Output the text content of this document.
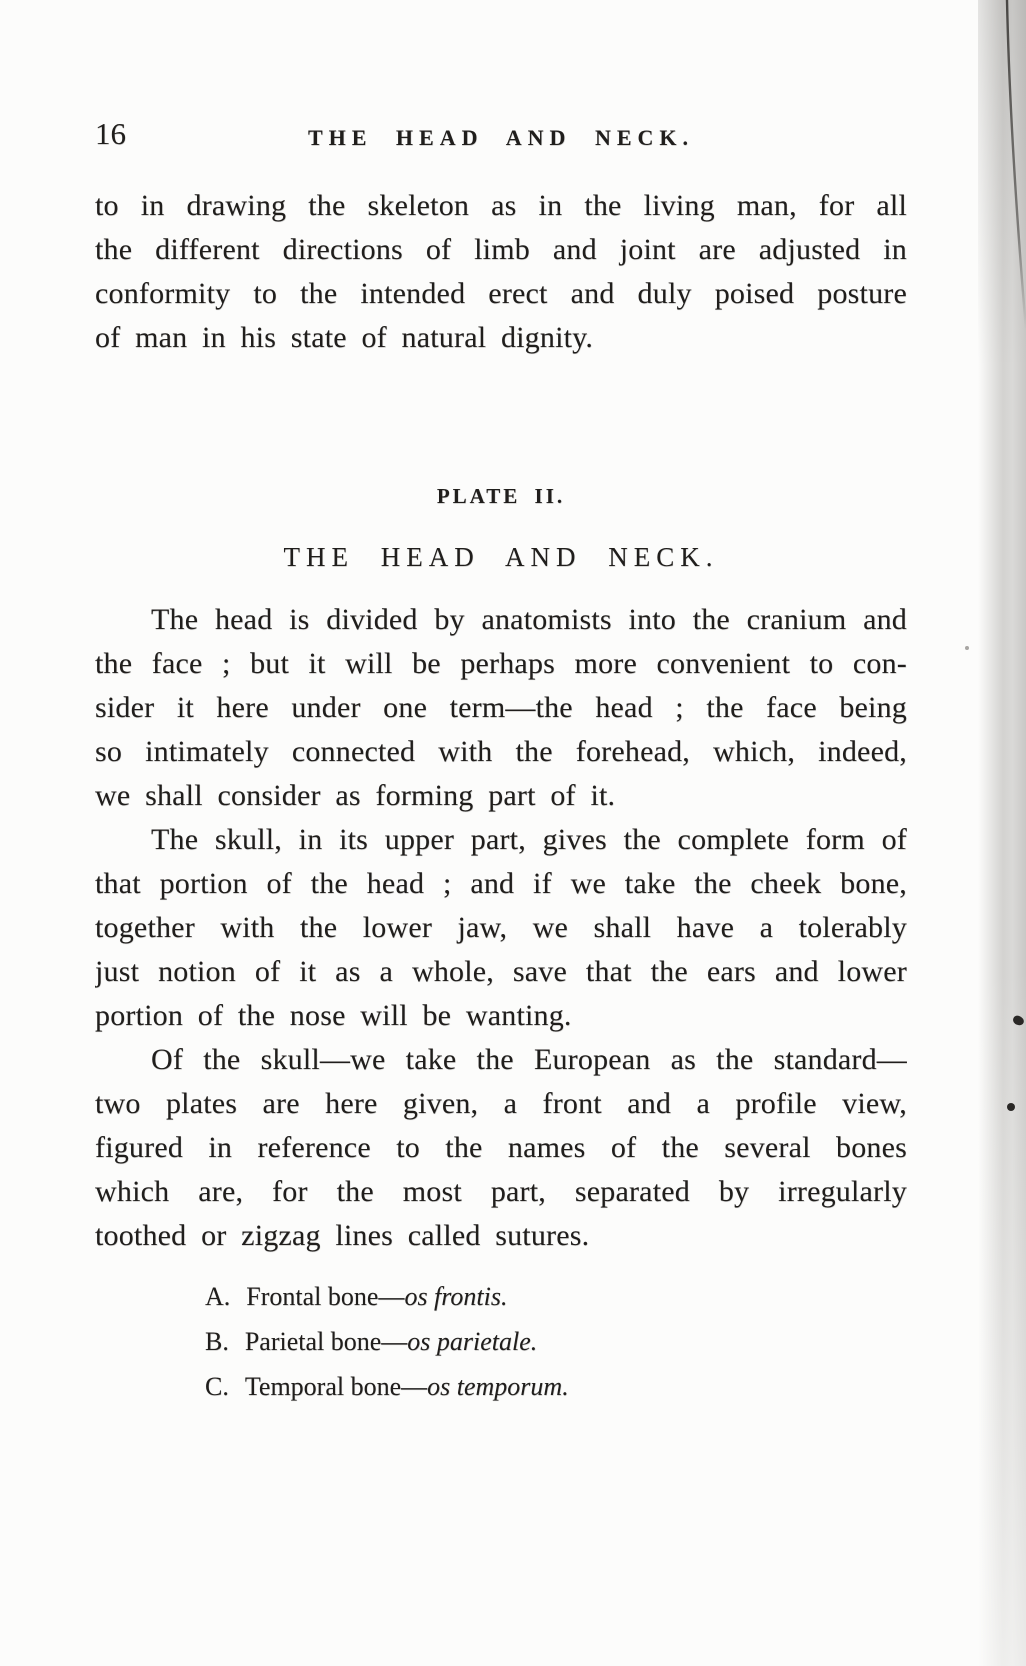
16	THE HEAD AND NECK.
to in drawing the skeleton as in the living man, for all
the different directions of limb and joint are adjusted in
conformity to the intended erect and duly poised posture
of man in his state of natural dignity.
PLATE II.
THE HEAD AND NECK.
The head is divided by anatomists into the cranium and
the face ; but it will be perhaps more convenient to con-
sider it here under one term—the head ; the face being
so intimately connected with the forehead, which, indeed,
we shall consider as forming part of it.
The skull, in its upper part, gives the complete form of
that portion of the head ; and if we take the cheek bone,
together with the lower jaw, we shall have a tolerably
just notion of it as a whole, save that the ears and lower
portion of the nose will be wanting.
Of the skull—we take the European as the standard—
two plates are here given, a front and a profile view,
figured in reference to the names of the several bones
which are, for the most part, separated by irregularly
toothed or zigzag lines called sutures.
A. Frontal bone—os frontis.
B. Parietal bone—os parietale.
C. Temporal bone—os temporum.
